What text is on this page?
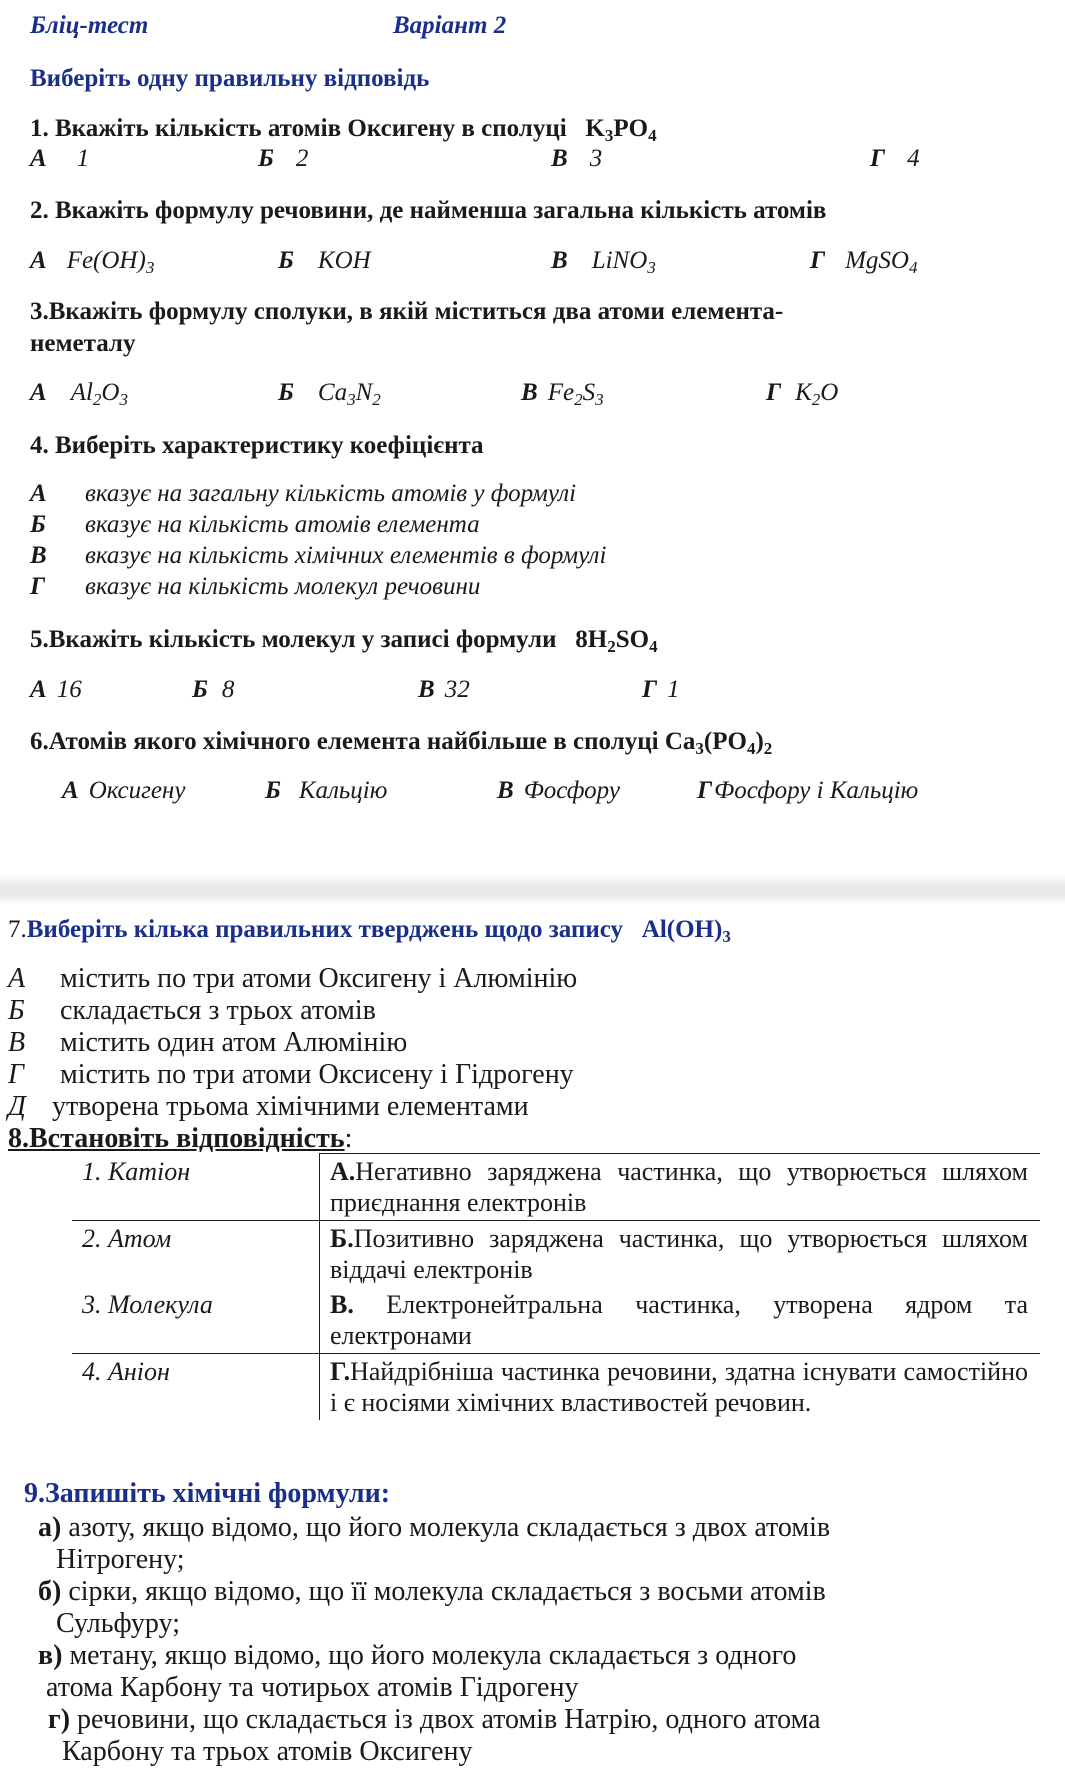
Бліц-тест	Варіант 2
Виберіть одну правильну відповідь
1. Вкажіть кількість атомів Оксигену в сполуці $K_3PO_4$
А 1	Б 2	В 3	Г 4
2. Вкажіть формулу речовини, де найменша загальна кількість атомів
А $Fe(OH)_3$	Б KOH	В LiNO$_3$	Г MgSO$_4$
3.Вкажіть формулу сполуки, в якій міститься два атоми елемента-
неметалу
А $Al_2O_3$	Б $Ca_3N_2$	В $Fe_2S_3$	Г $K_2O$
4. Виберіть характеристику коефіцієнта
А вказує на загальну кількість атомів у формулі
Б вказує на кількість атомів елемента
В вказує на кількість хімічних елементів в формулі
Г вказує на кількість молекул речовини
5.Вкажіть кількість молекул у записі формули $8H_2SO_4$
А 16	Б 8	В 32	Г 1
6.Атомів якого хімічного елемента найбільше в сполуці $Ca_3(PO_4)_2$
А Оксигену	Б Кальцію	В Фосфору	ГФосфору і Кальцію
7.Виберіть кілька правильних тверджень щодо запису $Al(OH)_3$
А містить по три атоми Оксигену і Алюмінію
Б складається з трьох атомів
В містить один атом Алюмінію
Г містить по три атоми Оксисену і Гідрогену
Д утворена трьома хімічними елементами
8.Встановіть відповідність:
1. Катіон	А.Негативно заряджена частинка, що утворюється шляхом приєднання електронів
2. Атом	Б.Позитивно заряджена частинка, що утворюється шляхом віддачі електронів
3. Молекула	В. Електронейтральна частинка, утворена ядром та електронами
4. Аніон	Г.Найдрібніша частинка речовини, здатна існувати самостійно і є носіями хімічних властивостей речовин.
9.Запишіть хімічні формули:
а) азоту, якщо відомо, що його молекула складається з двох атомів
Нітрогену;
б) сірки, якщо відомо, що її молекула складається з восьми атомів
Сульфуру;
в) метану, якщо відомо, що його молекула складається з одного
атома Карбону та чотирьох атомів Гідрогену
г) речовини, що складається із двох атомів Натрію, одного атома
Карбону та трьох атомів Оксигену
